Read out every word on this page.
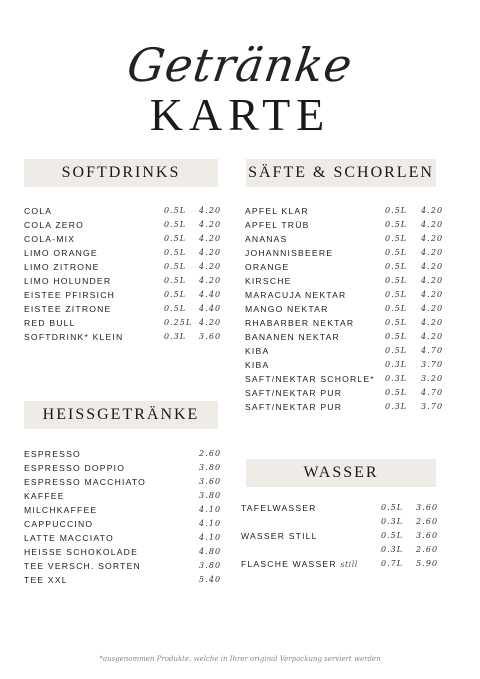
Getränke
KARTE
SOFTDRINKS
COLA	0.5L 4.20
COLA ZERO	0.5L 4.20
COLA-MIX	0.5L 4.20
LIMO ORANGE	0.5L 4.20
LIMO ZITRONE	0.5L 4.20
LIMO HOLUNDER	0.5L 4.20
EISTEE PFIRSICH	0.5L 4.40
EISTEE ZITRONE	0.5L 4.40
RED BULL	0.25L 4.20
SOFTDRINK* KLEIN	0.3L 3.60
SÄFTE & SCHORLEN
APFEL KLAR	0.5L 4.20
APFEL TRÜB	0.5L 4.20
ANANAS	0.5L 4.20
JOHANNISBEERE	0.5L 4.20
ORANGE	0.5L 4.20
KIRSCHE	0.5L 4.20
MARACUJA NEKTAR	0.5L 4.20
MANGO NEKTAR	0.5L 4.20
RHABARBER NEKTAR	0.5L 4.20
BANANEN NEKTAR	0.5L 4.20
KIBA	0.5L 4.70
KIBA	0.3L 3.70
SAFT/NEKTAR SCHORLE* 0.3L 3.20
SAFT/NEKTAR PUR	0.5L 4.70
SAFT/NEKTAR PUR	0.3L 3.70
HEISSGETRÄNKE
ESPRESSO	2.60
ESPRESSO DOPPIO	3.80
ESPRESSO MACCHIATO	3.60
KAFFEE	3.80
MILCHKAFFEE	4.10
CAPPUCCINO	4.10
LATTE MACCIATO	4.10
HEISSE SCHOKOLADE	4.80
TEE VERSCH. SORTEN	3.80
TEE XXL	5.40
WASSER
TAFELWASSER	0.5L 3.60
0.3L 2.60
WASSER STILL	0.5L 3.60
0.3L 2.60
FLASCHE WASSER still	0.7L 5.90
*ausgenommen Produkte, welche in Ihrer original Verpackung serviert werden
